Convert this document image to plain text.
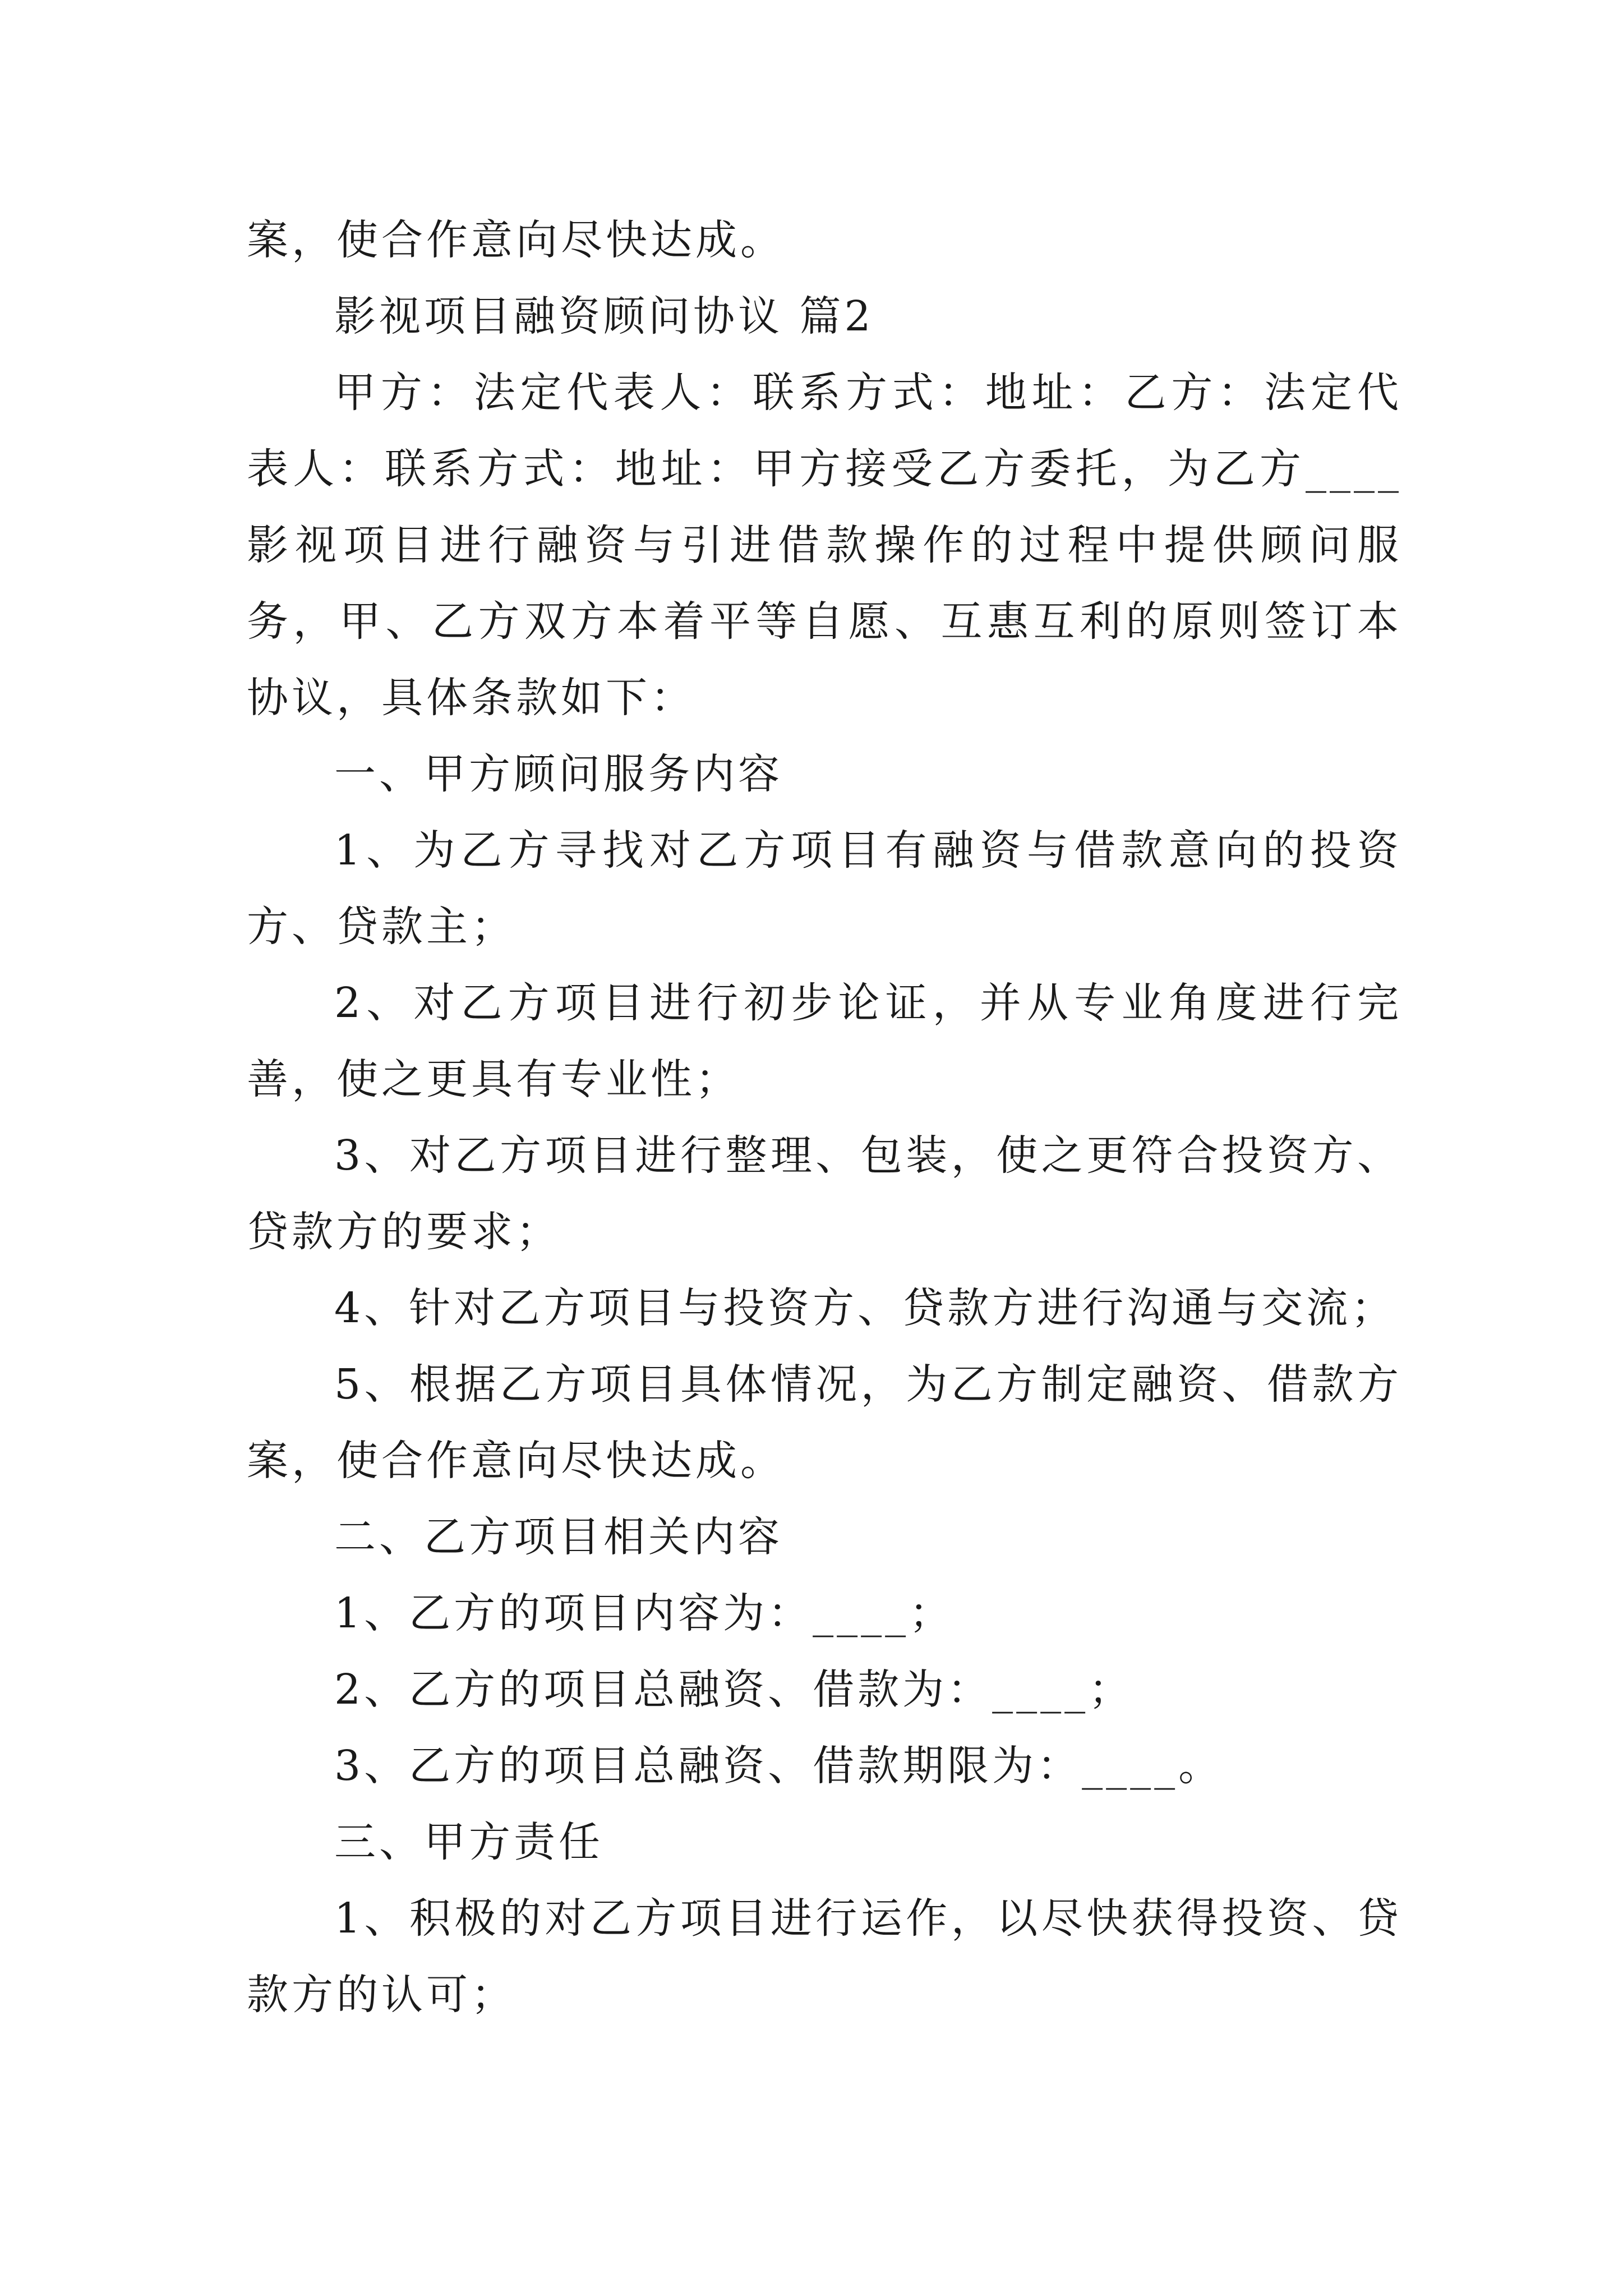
案，使合作意向尽快达成。

影视项目融资顾问协议 篇2

甲方：法定代表人：联系方式：地址：乙方：法定代表人：联系方式：地址：甲方接受乙方委托，为乙方____影视项目进行融资与引进借款操作的过程中提供顾问服务，甲、乙方双方本着平等自愿、互惠互利的原则签订本协议，具体条款如下：

一、甲方顾问服务内容

1、为乙方寻找对乙方项目有融资与借款意向的投资方、贷款主；

2、对乙方项目进行初步论证，并从专业角度进行完善，使之更具有专业性；

3、对乙方项目进行整理、包装，使之更符合投资方、贷款方的要求；

4、针对乙方项目与投资方、贷款方进行沟通与交流；

5、根据乙方项目具体情况，为乙方制定融资、借款方案，使合作意向尽快达成。

二、乙方项目相关内容

1、乙方的项目内容为：____；

2、乙方的项目总融资、借款为：____；

3、乙方的项目总融资、借款期限为：____。

三、甲方责任

1、积极的对乙方项目进行运作，以尽快获得投资、贷款方的认可；
